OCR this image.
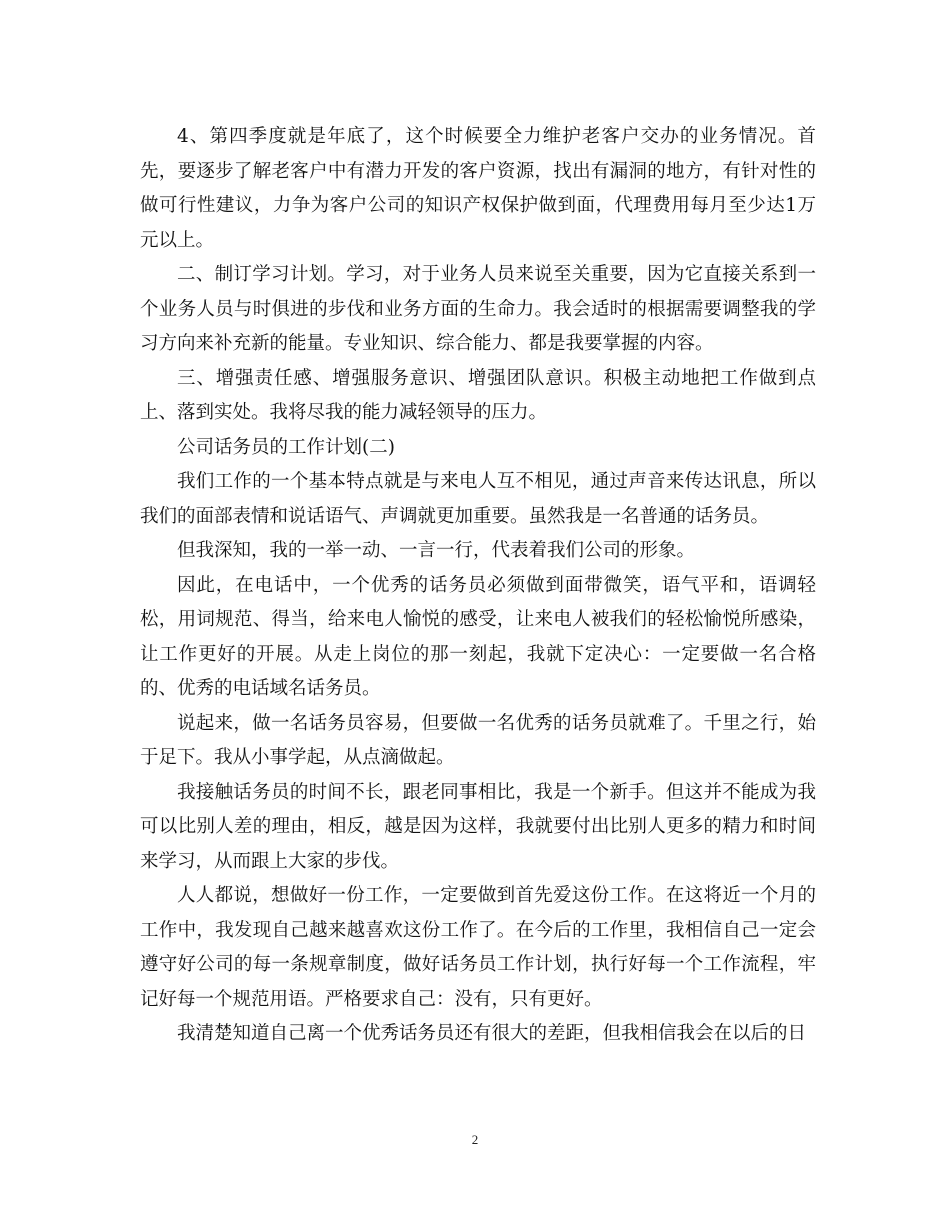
4、第四季度就是年底了，这个时候要全力维护老客户交办的业务情况。首先，要逐步了解老客户中有潜力开发的客户资源，找出有漏洞的地方，有针对性的做可行性建议，力争为客户公司的知识产权保护做到面，代理费用每月至少达1万元以上。

二、制订学习计划。学习，对于业务人员来说至关重要，因为它直接关系到一个业务人员与时俱进的步伐和业务方面的生命力。我会适时的根据需要调整我的学习方向来补充新的能量。专业知识、综合能力、都是我要掌握的内容。

三、增强责任感、增强服务意识、增强团队意识。积极主动地把工作做到点上、落到实处。我将尽我的能力减轻领导的压力。

公司话务员的工作计划(二)

我们工作的一个基本特点就是与来电人互不相见，通过声音来传达讯息，所以我们的面部表情和说话语气、声调就更加重要。虽然我是一名普通的话务员。

但我深知，我的一举一动、一言一行，代表着我们公司的形象。

因此，在电话中，一个优秀的话务员必须做到面带微笑，语气平和，语调轻松，用词规范、得当，给来电人愉悦的感受，让来电人被我们的轻松愉悦所感染，让工作更好的开展。从走上岗位的那一刻起，我就下定决心：一定要做一名合格的、优秀的电话域名话务员。

说起来，做一名话务员容易，但要做一名优秀的话务员就难了。千里之行，始于足下。我从小事学起，从点滴做起。

我接触话务员的时间不长，跟老同事相比，我是一个新手。但这并不能成为我可以比别人差的理由，相反，越是因为这样，我就要付出比别人更多的精力和时间来学习，从而跟上大家的步伐。

人人都说，想做好一份工作，一定要做到首先爱这份工作。在这将近一个月的工作中，我发现自己越来越喜欢这份工作了。在今后的工作里，我相信自己一定会遵守好公司的每一条规章制度，做好话务员工作计划，执行好每一个工作流程，牢记好每一个规范用语。严格要求自己：没有，只有更好。

我清楚知道自己离一个优秀话务员还有很大的差距，但我相信我会在以后的日

2
